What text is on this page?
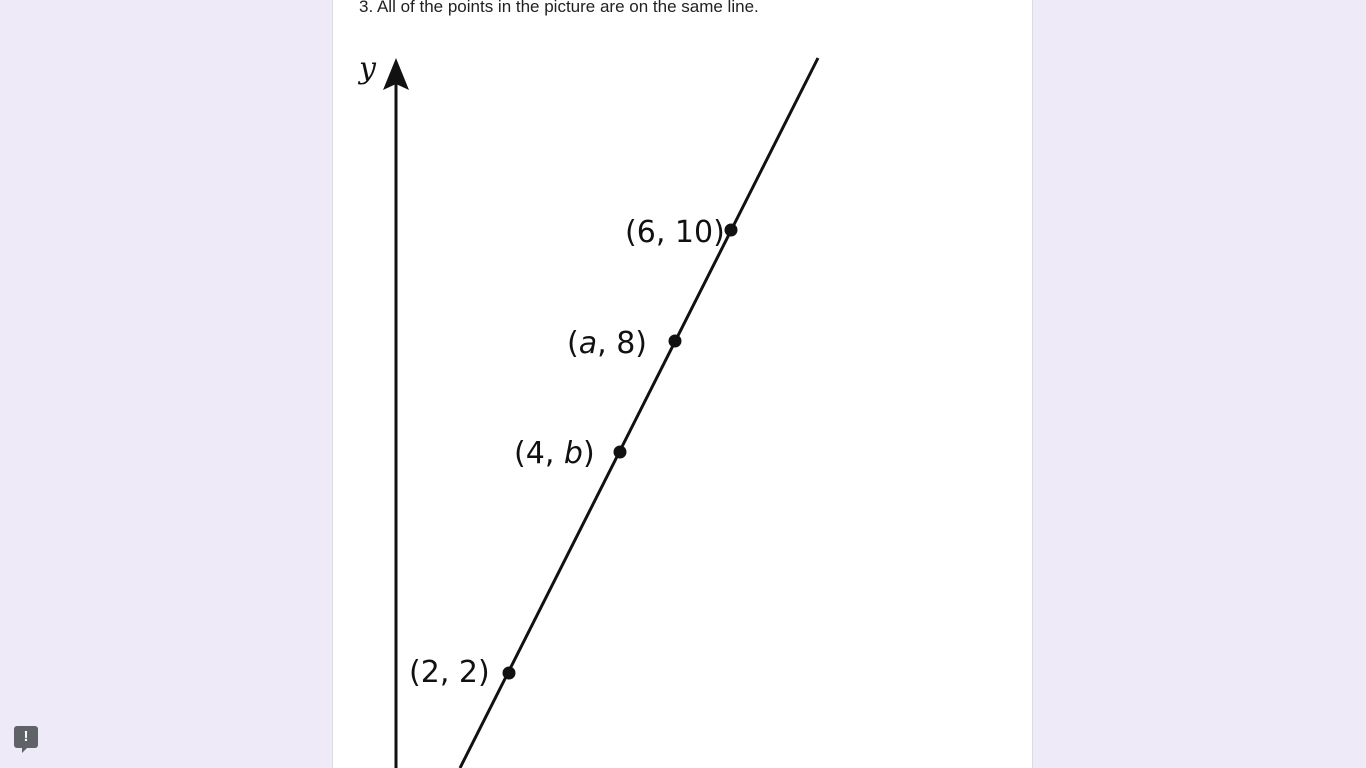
3. All of the points in the picture are on the same line.
y
(6, 10)
(a, 8)
(4, b)
(2, 2)
!
